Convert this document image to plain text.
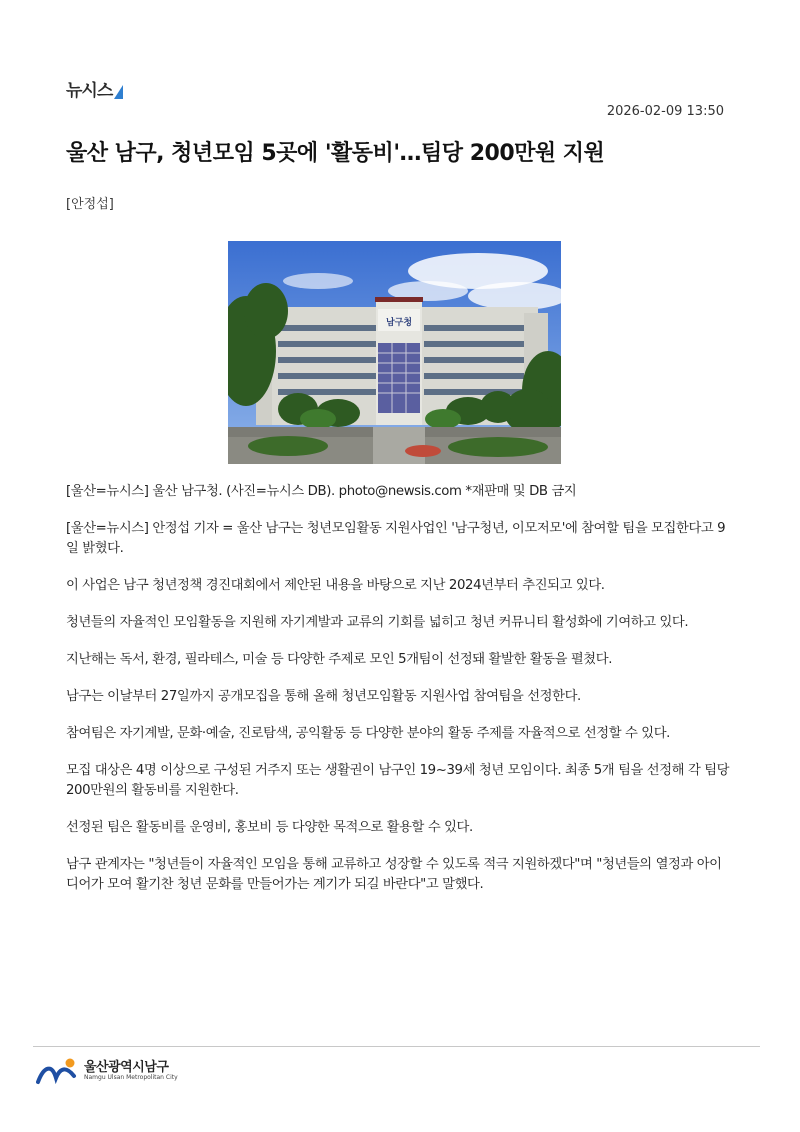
뉴시스
2026-02-09 13:50
울산 남구, 청년모임 5곳에 '활동비'…팀당 200만원 지원
[안정섭]
남구청

[울산=뉴시스] 울산 남구청. (사진=뉴시스 DB). photo@newsis.com *재판매 및 DB 금지

[울산=뉴시스] 안정섭 기자 = 울산 남구는 청년모임활동 지원사업인 '남구청년, 이모저모'에 참여할 팀을 모집한다고 9일 밝혔다.

이 사업은 남구 청년정책 경진대회에서 제안된 내용을 바탕으로 지난 2024년부터 추진되고 있다.

청년들의 자율적인 모임활동을 지원해 자기계발과 교류의 기회를 넓히고 청년 커뮤니티 활성화에 기여하고 있다.

지난해는 독서, 환경, 필라테스, 미술 등 다양한 주제로 모인 5개팀이 선정돼 활발한 활동을 펼쳤다.

남구는 이날부터 27일까지 공개모집을 통해 올해 청년모임활동 지원사업 참여팀을 선정한다.

참여팀은 자기계발, 문화·예술, 진로탐색, 공익활동 등 다양한 분야의 활동 주제를 자율적으로 선정할 수 있다.

모집 대상은 4명 이상으로 구성된 거주지 또는 생활권이 남구인 19~39세 청년 모임이다. 최종 5개 팀을 선정해 각 팀당 200만원의 활동비를 지원한다.

선정된 팀은 활동비를 운영비, 홍보비 등 다양한 목적으로 활용할 수 있다.

남구 관계자는 "청년들이 자율적인 모임을 통해 교류하고 성장할 수 있도록 적극 지원하겠다"며 "청년들의 열정과 아이디어가 모여 활기찬 청년 문화를 만들어가는 계기가 되길 바란다"고 말했다.

울산광역시남구
Namgu Ulsan Metropolitan City
